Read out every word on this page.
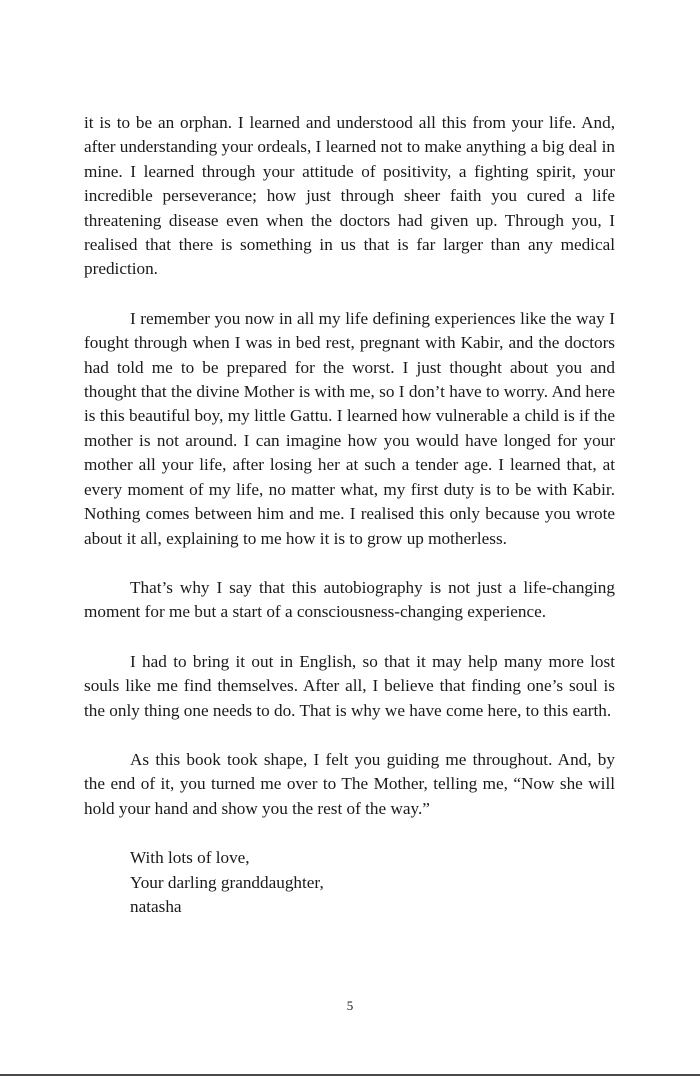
it is to be an orphan. I learned and understood all this from your life. And, after understanding your ordeals, I learned not to make anything a big deal in mine. I learned through your attitude of positivity, a fighting spirit, your incredible perseverance; how just through sheer faith you cured a life threatening disease even when the doctors had given up. Through you, I realised that there is something in us that is far larger than any medical prediction.

I remember you now in all my life defining experiences like the way I fought through when I was in bed rest, pregnant with Kabir, and the doctors had told me to be prepared for the worst. I just thought about you and thought that the divine Mother is with me, so I don’t have to worry. And here is this beautiful boy, my little Gattu. I learned how vulnerable a child is if the mother is not around. I can imagine how you would have longed for your mother all your life, after losing her at such a tender age. I learned that, at every moment of my life, no matter what, my first duty is to be with Kabir. Nothing comes between him and me. I realised this only because you wrote about it all, explaining to me how it is to grow up motherless.

That’s why I say that this autobiography is not just a life-changing moment for me but a start of a consciousness-changing experience.

I had to bring it out in English, so that it may help many more lost souls like me find themselves. After all, I believe that finding one’s soul is the only thing one needs to do. That is why we have come here, to this earth.

As this book took shape, I felt you guiding me throughout. And, by the end of it, you turned me over to The Mother, telling me, “Now she will hold your hand and show you the rest of the way.”

With lots of love,
Your darling granddaughter,
natasha
5
